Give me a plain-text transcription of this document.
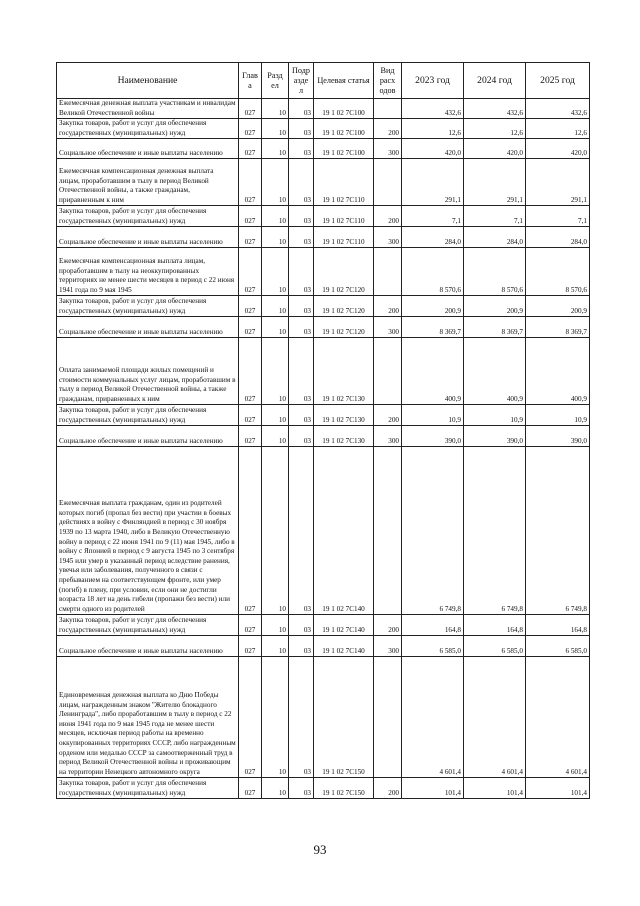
Наименование	Глав а	Разд ел	Подр азде л	Целевая статья	Вид расх одов	2023 год	2024 год	2025 год
Ежемесячная денежная выплата участникам и инвалидам Великой Отечественной войны	027	10	03	19 1 02 7С100		432,6	432,6	432,6
Закупка товаров, работ и услуг для обеспечения государственных (муниципальных) нужд	027	10	03	19 1 02 7С100	200	12,6	12,6	12,6
Социальное обеспечение и иные выплаты населению	027	10	03	19 1 02 7С100	300	420,0	420,0	420,0
Ежемесячная компенсационная денежная выплата лицам, проработавшим в тылу в период Великой Отечественной войны, а также гражданам, приравненным к ним	027	10	03	19 1 02 7С110		291,1	291,1	291,1
Закупка товаров, работ и услуг для обеспечения государственных (муниципальных) нужд	027	10	03	19 1 02 7С110	200	7,1	7,1	7,1
Социальное обеспечение и иные выплаты населению	027	10	03	19 1 02 7С110	300	284,0	284,0	284,0
Ежемесячная компенсационная выплата лицам, проработавшим в тылу на неоккупированных территориях не менее шести месяцев в период с 22 июня 1941 года по 9 мая 1945	027	10	03	19 1 02 7С120		8 570,6	8 570,6	8 570,6
Закупка товаров, работ и услуг для обеспечения государственных (муниципальных) нужд	027	10	03	19 1 02 7С120	200	200,9	200,9	200,9
Социальное обеспечение и иные выплаты населению	027	10	03	19 1 02 7С120	300	8 369,7	8 369,7	8 369,7
Оплата занимаемой площади жилых помещений и стоимости коммунальных услуг лицам, проработавшим в тылу в период Великой Отечественной войны, а также гражданам, приравненных к ним	027	10	03	19 1 02 7С130		400,9	400,9	400,9
Закупка товаров, работ и услуг для обеспечения государственных (муниципальных) нужд	027	10	03	19 1 02 7С130	200	10,9	10,9	10,9
Социальное обеспечение и иные выплаты населению	027	10	03	19 1 02 7С130	300	390,0	390,0	390,0
Ежемесячная выплата гражданам, один из родителей которых погиб (пропал без вести) при участии в боевых действиях в войну с Финляндией в период с 30 ноября 1939 по 13 марта 1940, либо в Великую Отечественную войну в период с 22 июня 1941 по 9 (11) мая 1945, либо в войну с Японией в период с 9 августа 1945 по 3 сентября 1945 или умер в указанный период вследствие ранения, увечья или заболевания, полученного в связи с пребыванием на соответствующем фронте, или умер (погиб) в плену, при условии, если они не достигли возраста 18 лет на день гибели (пропажи без вести) или смерти одного из родителей	027	10	03	19 1 02 7С140		6 749,8	6 749,8	6 749,8
Закупка товаров, работ и услуг для обеспечения государственных (муниципальных) нужд	027	10	03	19 1 02 7С140	200	164,8	164,8	164,8
Социальное обеспечение и иные выплаты населению	027	10	03	19 1 02 7С140	300	6 585,0	6 585,0	6 585,0
Единовременная денежная выплата ко Дню Победы лицам, награжденным знаком "Жителю блокадного Ленинграда", либо проработавшим в тылу в период с 22 июня 1941 года по 9 мая 1945 года не менее шести месяцев, исключая период работы на временно оккупированных территориях СССР, либо награжденным орденом или медалью СССР за самоотверженный труд в период Великой Отечественной войны и проживающим на территории Ненецкого автономного округа	027	10	03	19 1 02 7С150		4 601,4	4 601,4	4 601,4
Закупка товаров, работ и услуг для обеспечения государственных (муниципальных) нужд	027	10	03	19 1 02 7С150	200	101,4	101,4	101,4
93
